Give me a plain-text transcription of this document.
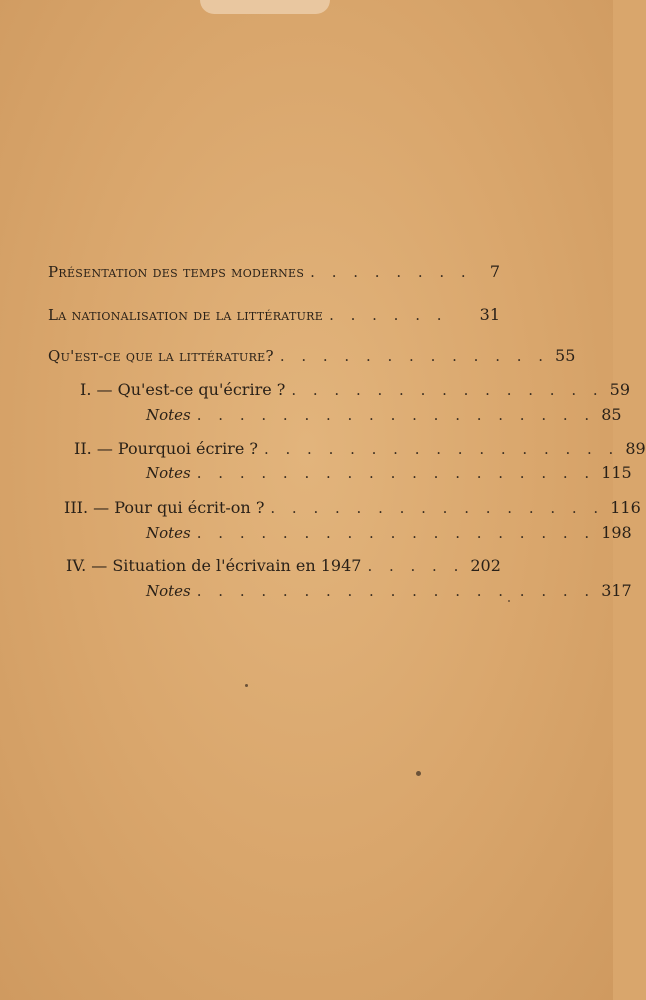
Présentation des temps modernes . . . . . . . .	7
La nationalisation de la littérature . . . . . .	31
Qu'est-ce que la littérature? . . . . . . . . . . . . . 55
I. — Qu'est-ce qu'écrire ? . . . . . . . . . . . . . . . 59
Notes . . . . . . . . . . . . . . . . . . . 85
II. — Pourquoi écrire ? . . . . . . . . . . . . . . . . . 89
Notes . . . . . . . . . . . . . . . . . . . 115
III. — Pour qui écrit-on ? . . . . . . . . . . . . . . . . 116
Notes . . . . . . . . . . . . . . . . . . . 198
IV. — Situation de l'écrivain en 1947 . . . . . 202
Notes . . . . . . . . . . . . . . . . . . . 317
